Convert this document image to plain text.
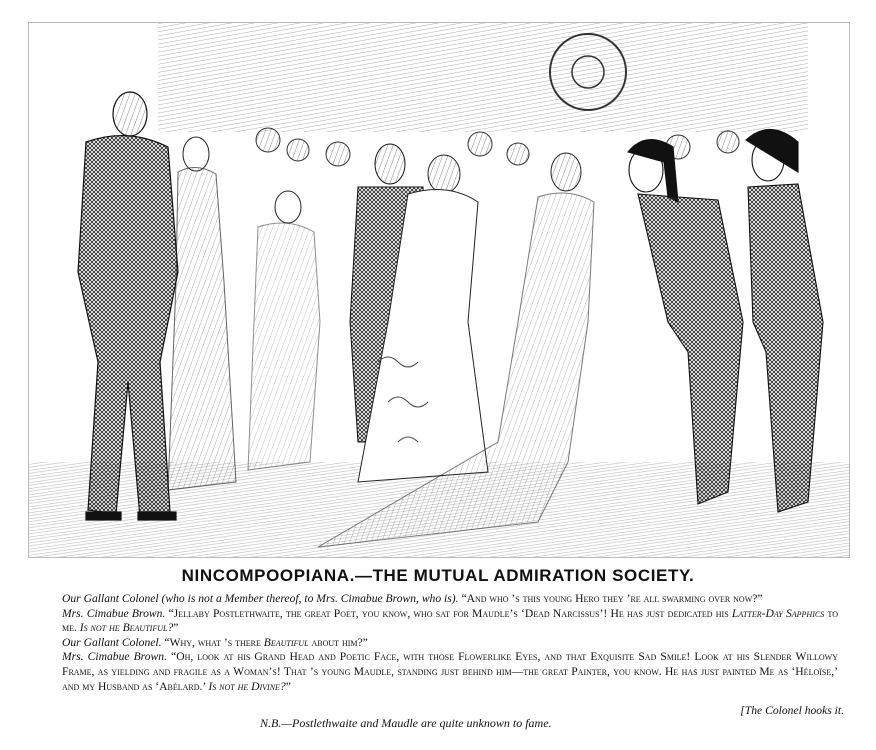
NINCOMPOOPIANA.—THE MUTUAL ADMIRATION SOCIETY.

Our Gallant Colonel (who is not a Member thereof, to Mrs. Cimabue Brown, who is). “And who ’s this young Hero they ’re all swarming over now?”

Mrs. Cimabue Brown. “Jellaby Postlethwaite, the great Poet, you know, who sat for Maudle’s ‘Dead Narcissus’! He has just dedicated his Latter-Day Sapphics to me. Is not he Beautiful?”

Our Gallant Colonel. “Why, what ’s there Beautiful about him?”

Mrs. Cimabue Brown. “Oh, look at his Grand Head and Poetic Face, with those Flowerlike Eyes, and that Exquisite Sad Smile! Look at his Slender Willowy Frame, as yielding and fragile as a Woman’s! That ’s young Maudle, standing just behind him—the great Painter, you know. He has just painted Me as ‘Héloïse,’ and my Husband as ‘Abélard.’ Is not he Divine?”

[The Colonel hooks it.
N.B.—Postlethwaite and Maudle are quite unknown to fame.
